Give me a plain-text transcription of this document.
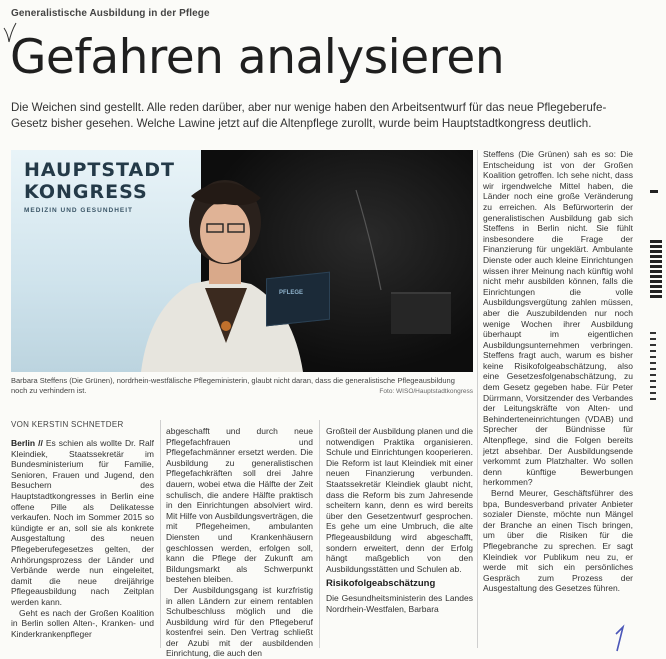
Generalistische Ausbildung in der Pflege
Gefahren analysieren

Die Weichen sind gestellt. Alle reden darüber, aber nur wenige haben den Arbeitsentwurf für das neue Pflegeberufe-Gesetz bisher gesehen. Welche Lawine jetzt auf die Altenpflege zurollt, wurde beim Hauptstadtkongress deutlich.

HAUPTSTADT
KONGRESS
MEDIZIN UND GESUNDHEIT
PFLEGE

Barbara Steffens (Die Grünen), nordrhein-westfälische Pflegeministerin, glaubt nicht daran, dass die generalistische Pflegeausbildung noch zu verhindern ist.	Foto: WISO/Hauptstadtkongress
VON KERSTIN SCHNETDER

Berlin // Es schien als wollte Dr. Ralf Kleindiek, Staatssekretär im Bundesministerium für Familie, Senioren, Frauen und Jugend, den Besuchern des Hauptstadtkongresses in Berlin eine offene Pille als Delikatesse verkaufen. Noch im Sommer 2015 so kündigte er an, soll sie als konkrete Ausgestaltung des neuen Pflegeberufegesetzes gelten, der Anhörungsprozess der Länder und Verbände werde nun eingeleitet, damit die neue dreijährige Pflegeausbildung nach Zeitplan werden kann.

Geht es nach der Großen Koalition in Berlin sollen Alten-, Kranken- und Kinderkrankenpfleger

abgeschafft und durch neue Pflegefachfrauen und Pflegefachmänner ersetzt werden. Die Ausbildung zu generalistischen Pflegefachkräften soll drei Jahre dauern, wobei etwa die Hälfte der Zeit schulisch, die andere Hälfte praktisch in den Einrichtungen absolviert wird. Mit Hilfe von Ausbildungsverträgen, die mit Pflegeheimen, ambulanten Diensten und Krankenhäusern geschlossen werden, erfolgen soll, kann die Pflege der Zukunft am Bildungsmarkt als Schwerpunkt bestehen bleiben.

Der Ausbildungsgang ist kurzfristig in allen Ländern zur einem rentablen Schulbeschluss möglich und die Ausbildung wird für den Pflegeberuf kostenfrei sein. Den Vertrag schließt der Azubi mit der ausbildenden Einrichtung, die auch den

Großteil der Ausbildung planen und die notwendigen Praktika organisieren. Schule und Einrichtungen kooperieren. Die Reform ist laut Kleindiek mit einer neuen Finanzierung verbunden. Staatssekretär Kleindiek glaubt nicht, dass die Reform bis zum Jahresende scheitern kann, denn es wird bereits über den Gesetzentwurf gesprochen. Es gehe um eine Umbruch, die alte Pflegeausbildung wird abgeschafft, sondern erweitert, denn der Erfolg hängt maßgeblich von den Ausbildungsstätten und Schulen ab.

Risikofolgeabschätzung

Die Gesundheitsministerin des Landes Nordrhein-Westfalen, Barbara

Steffens (Die Grünen) sah es so: Die Entscheidung ist von der Großen Koalition getroffen. Ich sehe nicht, dass wir irgendwelche Mittel haben, die Länder noch eine große Veränderung zu erreichen. Als Befürworterin der generalistischen Ausbildung gab sich Steffens in Berlin nicht. Sie fühlt insbesondere die Frage der Finanzierung für ungeklärt. Ambulante Dienste oder auch kleine Einrichtungen wissen ihrer Meinung nach künftig wohl nicht mehr ausbilden können, falls die Einrichtungen die volle Ausbildungsvergütung zahlen müssen, aber die Auszubildenden nur noch wenige Wochen ihrer Ausbildung überhaupt im eigentlichen Ausbildungsunternehmen verbringen. Steffens fragt auch, warum es bisher keine Risikofolgeabschätzung, also eine Gesetzesfolgenabschätzung, zu dem Gesetz gegeben habe. Für Peter Dürrmann, Vorsitzender des Verbandes der Leitungskräfte von Alten- und Behinderteneinrichtungen (VDAB) und Sprecher der Bündnisse für Altenpflege, sind die Folgen bereits jetzt absehbar. Der Ausbildungsende verkommt zum Platzhalter. Wo sollen denn künftige Bewerbungen herkommen?

Bernd Meurer, Geschäftsführer des bpa, Bundesverband privater Anbieter sozialer Dienste, möchte nun Mängel der Branche an einen Tisch bringen, um über die Risiken für die Pflegebranche zu sprechen. Er sagt Kleindiek vor Publikum neu zu, er werde mit sich ein persönliches Gespräch zum Prozess der Ausgestaltung des Gesetzes führen.
